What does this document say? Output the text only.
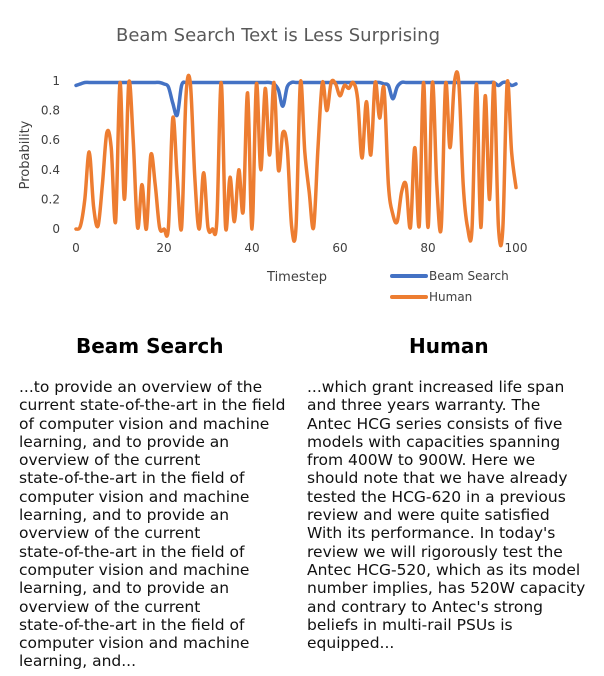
Beam Search Text is Less Surprising
0
0.2
0.4
0.6
0.8
1
0	20	40	60	80	100
Probability
Timestep	Beam Search
Human
Beam Search	Human
...to provide an overview of the
current state-of-the-art in the field
of computer vision and machine
learning, and to provide an
overview of the current
state-of-the-art in the field of
computer vision and machine
learning, and to provide an
overview of the current
state-of-the-art in the field of
computer vision and machine
learning, and to provide an
overview of the current
state-of-the-art in the field of
computer vision and machine
learning, and...
...which grant increased life span
and three years warranty. The
Antec HCG series consists of five
models with capacities spanning
from 400W to 900W. Here we
should note that we have already
tested the HCG-620 in a previous
review and were quite satisfied
With its performance. In today's
review we will rigorously test the
Antec HCG-520, which as its model
number implies, has 520W capacity
and contrary to Antec's strong
beliefs in multi-rail PSUs is
equipped...
